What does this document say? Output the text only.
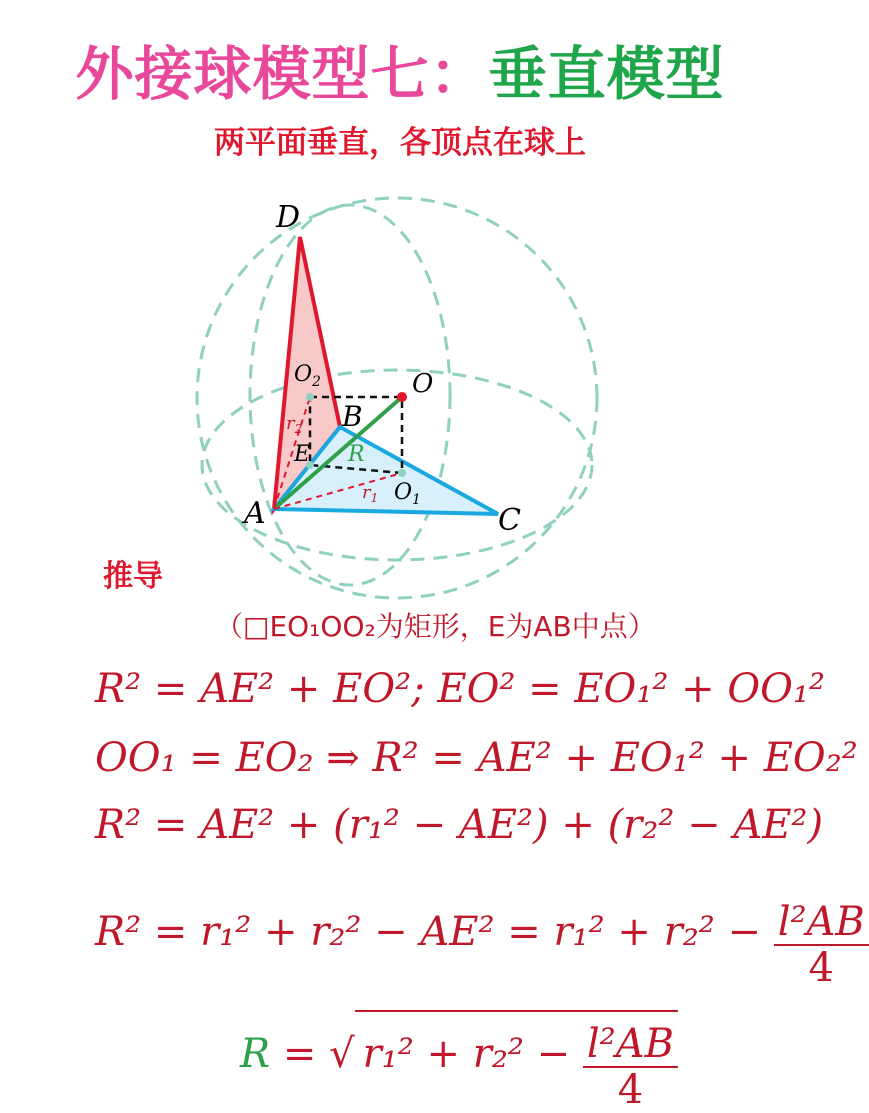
外接球模型七：垂直模型
两平面垂直，各顶点在球上
D
A
B
C
O
E
$O_1$
$O_2$
R
$r_1$
$r_2$
推导
（□EO₁OO₂为矩形，E为AB中点）
R² = AE² + EO²; EO² = EO₁² + OO₁²
OO₁ = EO₂ ⇒ R² = AE² + EO₁² + EO₂²
R² = AE² + (r₁² − AE²) + (r₂² − AE²)
$R^2 = r_1^2 + r_2^2 - AE^2 = r_1^2 + r_2^2 - \frac{\text{l²AB}}{4}$
R = √ $r_1^2 + r_2^2 - \frac{\text{l²AB}}{4}$
